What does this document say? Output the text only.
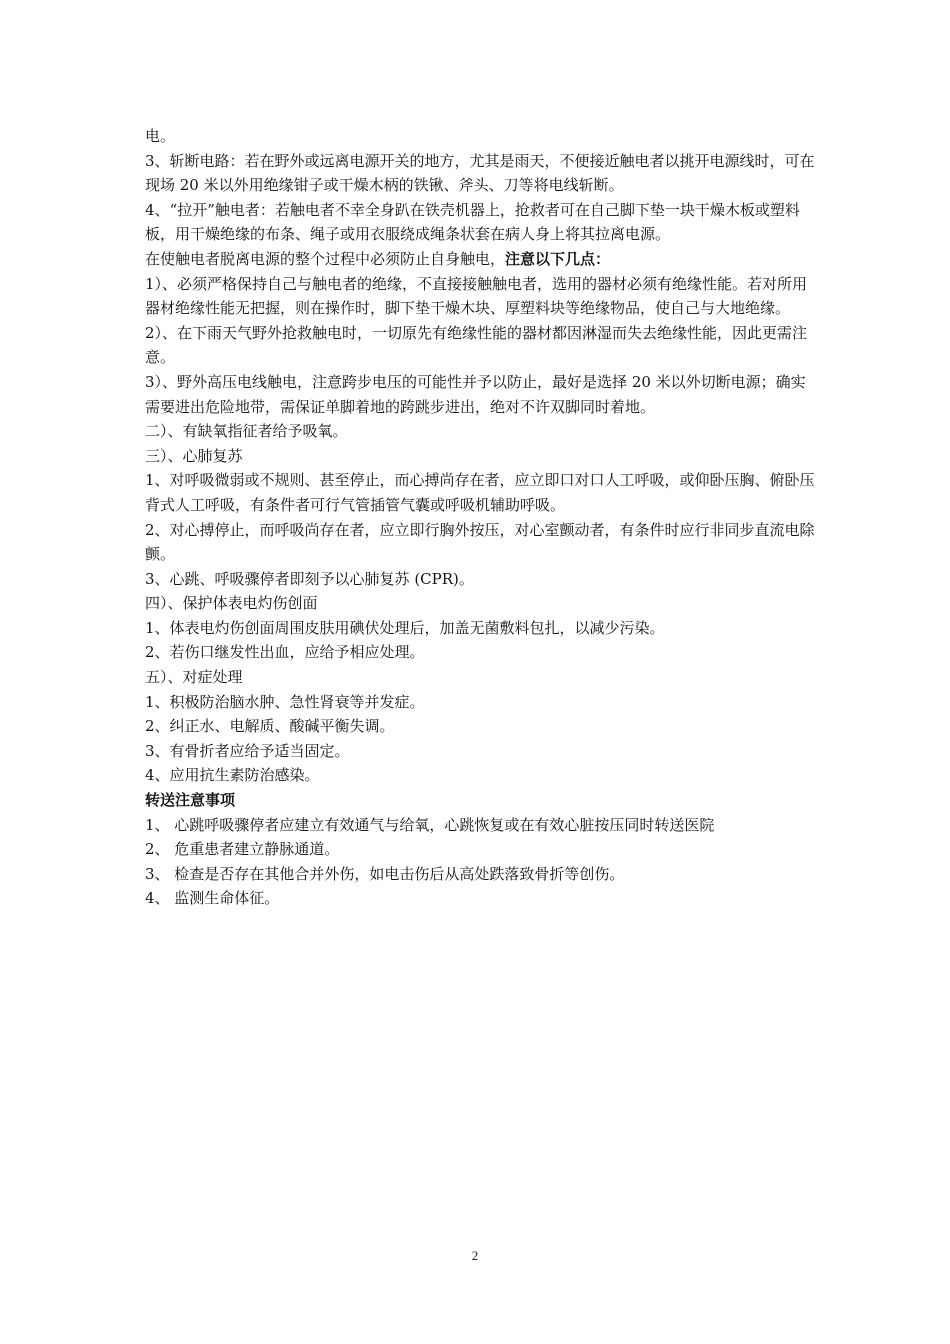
电。

3、斩断电路：若在野外或远离电源开关的地方，尤其是雨天，不便接近触电者以挑开电源线时，可在现场 20 米以外用绝缘钳子或干燥木柄的铁锹、斧头、刀等将电线斩断。

4、“拉开”触电者：若触电者不幸全身趴在铁壳机器上，抢救者可在自己脚下垫一块干燥木板或塑料板，用干燥绝缘的布条、绳子或用衣服绕成绳条状套在病人身上将其拉离电源。

在使触电者脱离电源的整个过程中必须防止自身触电，注意以下几点：

1）、必须严格保持自己与触电者的绝缘，不直接接触触电者，选用的器材必须有绝缘性能。若对所用器材绝缘性能无把握，则在操作时，脚下垫干燥木块、厚塑料块等绝缘物品，使自己与大地绝缘。

2）、在下雨天气野外抢救触电时，一切原先有绝缘性能的器材都因淋湿而失去绝缘性能，因此更需注意。

3）、野外高压电线触电，注意跨步电压的可能性并予以防止，最好是选择 20 米以外切断电源；确实需要进出危险地带，需保证单脚着地的跨跳步进出，绝对不许双脚同时着地。

二）、有缺氧指征者给予吸氧。

三）、心肺复苏

1、对呼吸微弱或不规则、甚至停止，而心搏尚存在者，应立即口对口人工呼吸，或仰卧压胸、俯卧压背式人工呼吸，有条件者可行气管插管气囊或呼吸机辅助呼吸。

2、对心搏停止，而呼吸尚存在者，应立即行胸外按压，对心室颤动者，有条件时应行非同步直流电除颤。

3、心跳、呼吸骤停者即刻予以心肺复苏 (CPR)。

四）、保护体表电灼伤创面

1、体表电灼伤创面周围皮肤用碘伏处理后，加盖无菌敷料包扎，以减少污染。

2、若伤口继发性出血，应给予相应处理。

五）、对症处理

1、积极防治脑水肿、急性肾衰等并发症。

2、纠正水、电解质、酸碱平衡失调。

3、有骨折者应给予适当固定。

4、应用抗生素防治感染。

转送注意事项

1、 心跳呼吸骤停者应建立有效通气与给氧，心跳恢复或在有效心脏按压同时转送医院

2、 危重患者建立静脉通道。

3、 检查是否存在其他合并外伤，如电击伤后从高处跌落致骨折等创伤。

4、 监测生命体征。

2
